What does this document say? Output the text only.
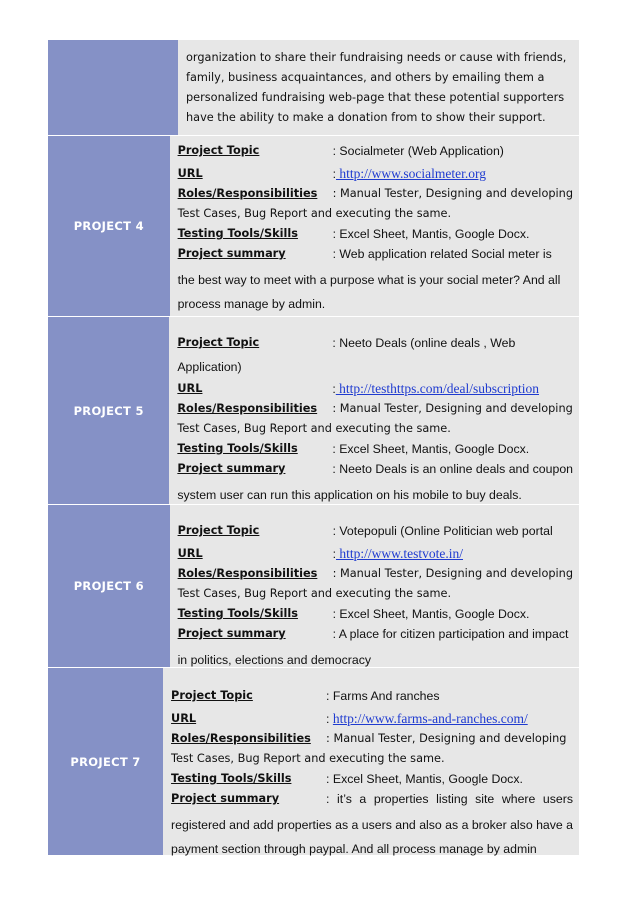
organization to share their fundraising needs or cause with friends,
family, business acquaintances, and others by emailing them a
personalized fundraising web-page that these potential supporters
have the ability to make a donation from to show their support.
PROJECT 4
Project Topic	: Socialmeter (Web Application)
URL	: http://www.socialmeter.org
Roles/Responsibilities	: Manual Tester, Designing and developing
Test Cases, Bug Report and executing the same.
Testing Tools/Skills	: Excel Sheet, Mantis, Google Docx.
Project summary	: Web application related Social meter is
the best way to meet with a purpose what is your social meter? And all
process manage by admin.
PROJECT 5
Project Topic	: Neeto Deals (online deals , Web
Application)
URL	: http://testhttps.com/deal/subscription
Roles/Responsibilities	: Manual Tester, Designing and developing
Test Cases, Bug Report and executing the same.
Testing Tools/Skills	: Excel Sheet, Mantis, Google Docx.
Project summary	: Neeto Deals is an online deals and coupon
system user can run this application on his mobile to buy deals.
PROJECT 6
Project Topic	: Votepopuli (Online Politician web portal
URL	: http://www.testvote.in/
Roles/Responsibilities	: Manual Tester, Designing and developing
Test Cases, Bug Report and executing the same.
Testing Tools/Skills	: Excel Sheet, Mantis, Google Docx.
Project summary	: A place for citizen participation and impact
in politics, elections and democracy
PROJECT 7
Project Topic	: Farms And ranches
URL	: http://www.farms-and-ranches.com/
Roles/Responsibilities	: Manual Tester, Designing and developing
Test Cases, Bug Report and executing the same.
Testing Tools/Skills	: Excel Sheet, Mantis, Google Docx.
Project summary	: it’s a properties listing site where users
registered and add properties as a users and also as a broker also have a
payment section through paypal. And all process manage by admin
